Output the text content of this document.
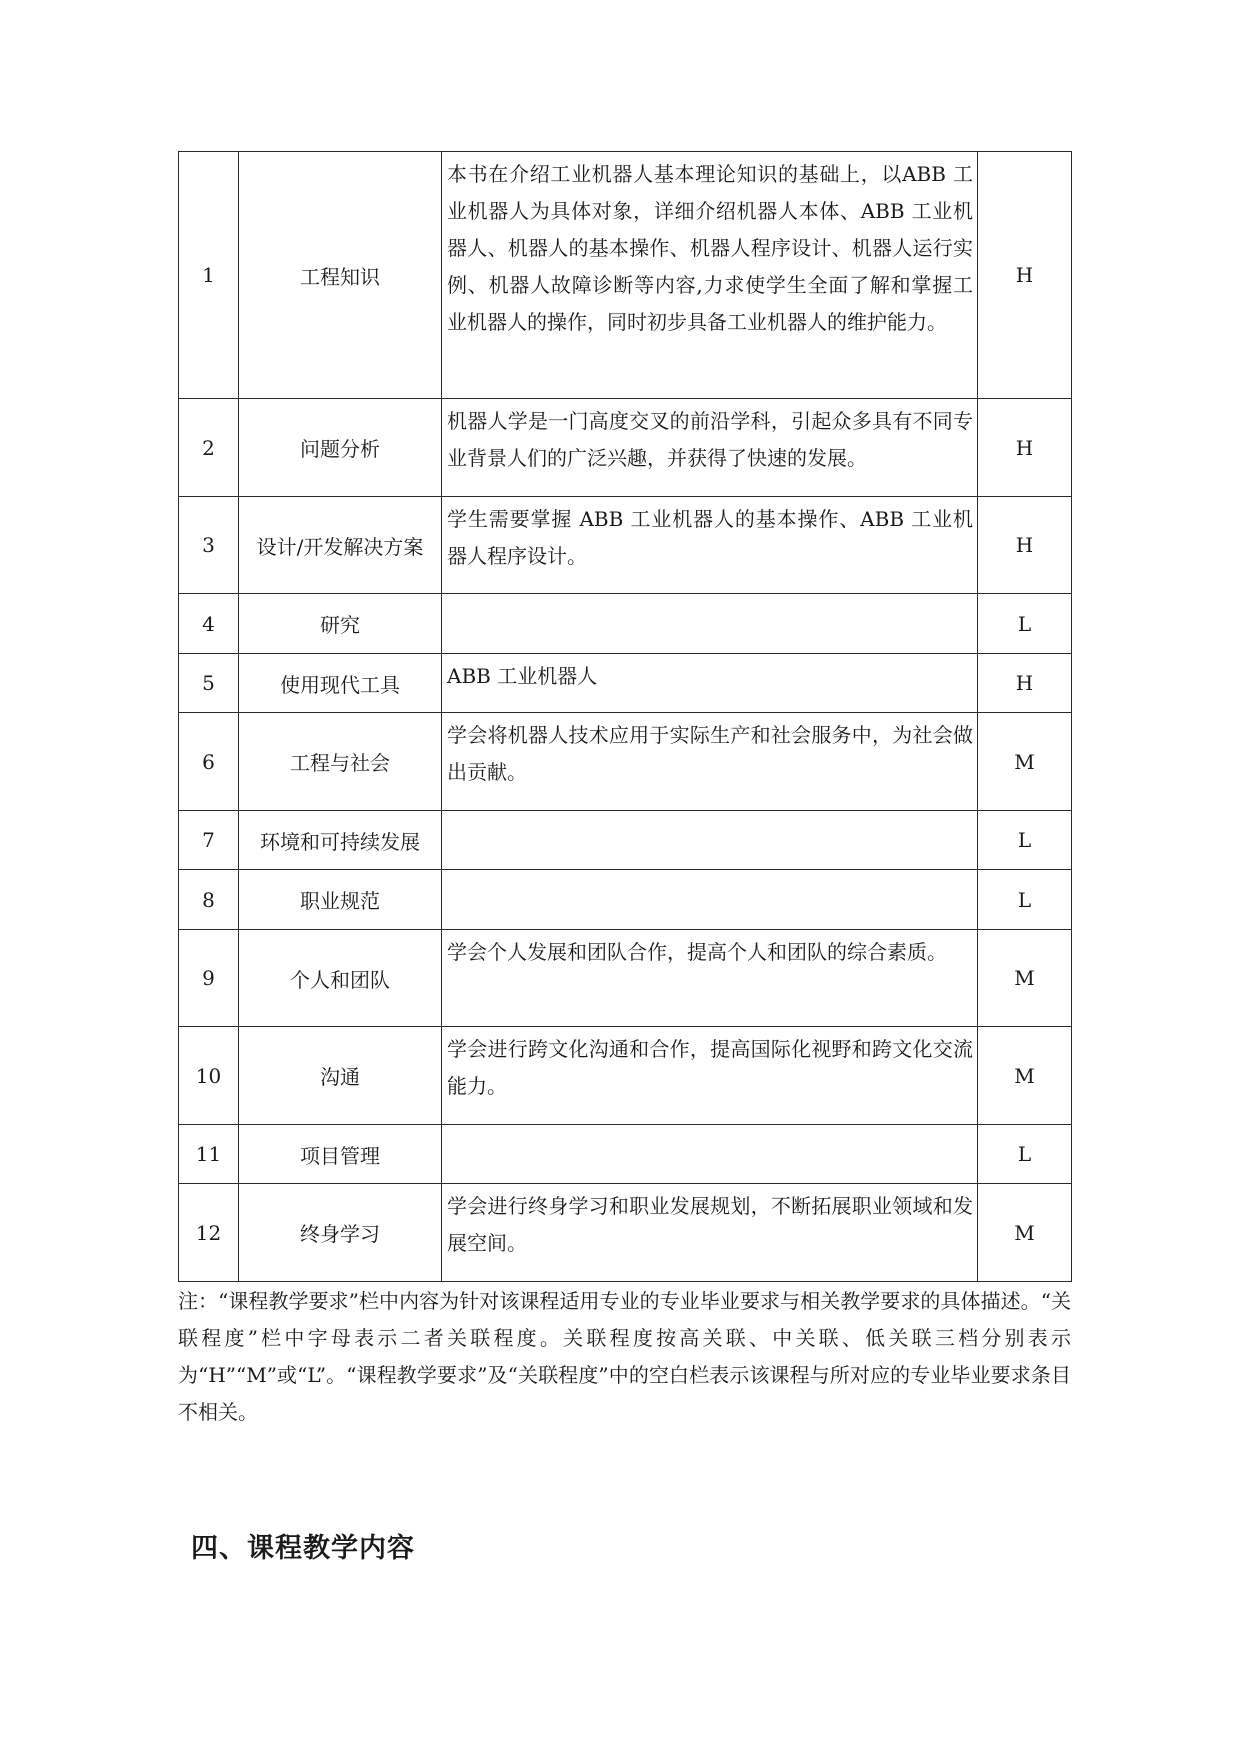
1	工程知识	本书在介绍工业机器人基本理论知识的基础上，以ABB 工业机器人为具体对象，详细介绍机器人本体、ABB 工业机器人、机器人的基本操作、机器人程序设计、机器人运行实例、机器人故障诊断等内容,力求使学生全面了解和掌握工业机器人的操作，同时初步具备工业机器人的维护能力。	H
2	问题分析	机器人学是一门高度交叉的前沿学科，引起众多具有不同专业背景人们的广泛兴趣，并获得了快速的发展。	H
3	设计/开发解决方案	学生需要掌握 ABB 工业机器人的基本操作、ABB 工业机器人程序设计。	H
4	研究		L
5	使用现代工具	ABB 工业机器人	H
6	工程与社会	学会将机器人技术应用于实际生产和社会服务中，为社会做出贡献。	M
7	环境和可持续发展		L
8	职业规范		L
9	个人和团队	学会个人发展和团队合作，提高个人和团队的综合素质。	M
10	沟通	学会进行跨文化沟通和合作，提高国际化视野和跨文化交流能力。	M
11	项目管理		L
12	终身学习	学会进行终身学习和职业发展规划，不断拓展职业领域和发展空间。	M

注：“课程教学要求”栏中内容为针对该课程适用专业的专业毕业要求与相关教学要求的具体描述。“关联程度”栏中字母表示二者关联程度。关联程度按高关联、中关联、低关联三档分别表示为“H”“M”或“L”。“课程教学要求”及“关联程度”中的空白栏表示该课程与所对应的专业毕业要求条目不相关。

四、课程教学内容
